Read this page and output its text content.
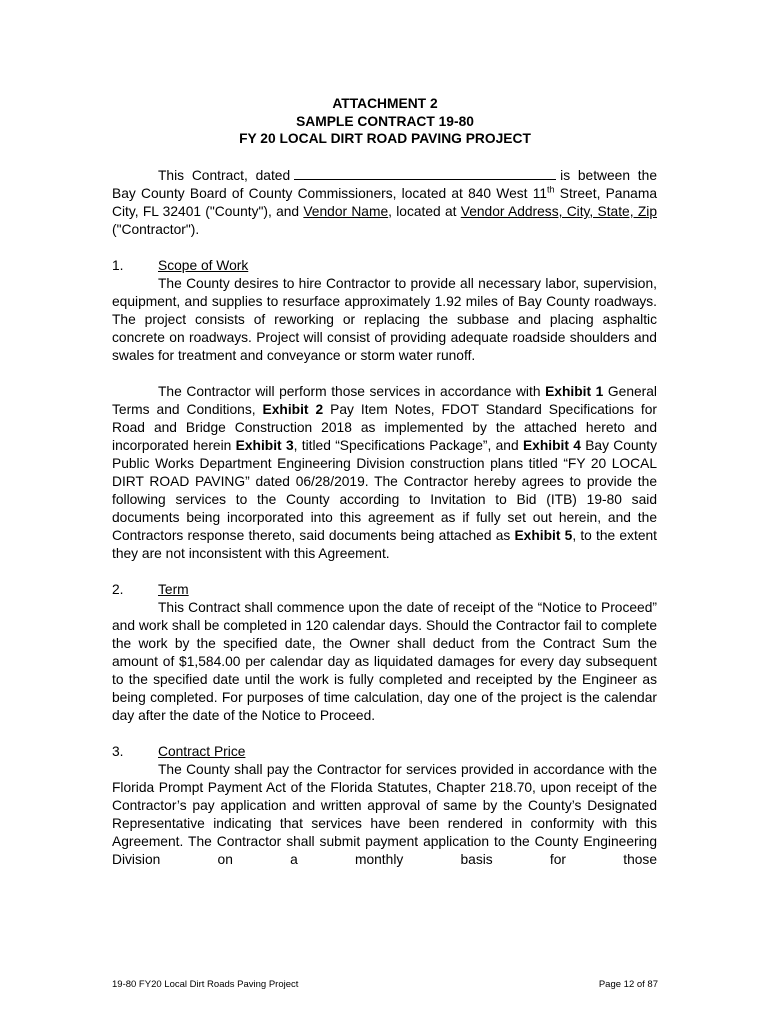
ATTACHMENT 2
SAMPLE CONTRACT 19-80
FY 20 LOCAL DIRT ROAD PAVING PROJECT

This Contract, dated	is between the Bay County Board of County Commissioners, located at 840 West 11th Street, Panama City, FL 32401 ("County"), and Vendor Name, located at Vendor Address, City, State, Zip ("Contractor").

1.	Scope of Work

The County desires to hire Contractor to provide all necessary labor, supervision, equipment, and supplies to resurface approximately 1.92 miles of Bay County roadways. The project consists of reworking or replacing the subbase and placing asphaltic concrete on roadways. Project will consist of providing adequate roadside shoulders and swales for treatment and conveyance or storm water runoff.

The Contractor will perform those services in accordance with Exhibit 1 General Terms and Conditions, Exhibit 2 Pay Item Notes, FDOT Standard Specifications for Road and Bridge Construction 2018 as implemented by the attached hereto and incorporated herein Exhibit 3, titled “Specifications Package”, and Exhibit 4 Bay County Public Works Department Engineering Division construction plans titled “FY 20 LOCAL DIRT ROAD PAVING” dated 06/28/2019. The Contractor hereby agrees to provide the following services to the County according to Invitation to Bid (ITB) 19-80 said documents being incorporated into this agreement as if fully set out herein, and the Contractors response thereto, said documents being attached as Exhibit 5, to the extent they are not inconsistent with this Agreement.

2.	Term

This Contract shall commence upon the date of receipt of the “Notice to Proceed” and work shall be completed in 120 calendar days. Should the Contractor fail to complete the work by the specified date, the Owner shall deduct from the Contract Sum the amount of $1,584.00 per calendar day as liquidated damages for every day subsequent to the specified date until the work is fully completed and receipted by the Engineer as being completed. For purposes of time calculation, day one of the project is the calendar day after the date of the Notice to Proceed.

3.	Contract Price

The County shall pay the Contractor for services provided in accordance with the Florida Prompt Payment Act of the Florida Statutes, Chapter 218.70, upon receipt of the Contractor’s pay application and written approval of same by the County’s Designated Representative indicating that services have been rendered in conformity with this Agreement. The Contractor shall submit payment application to the County Engineering Division on a monthly basis for those

19-80 FY20 Local Dirt Roads Paving Project	Page 12 of 87
